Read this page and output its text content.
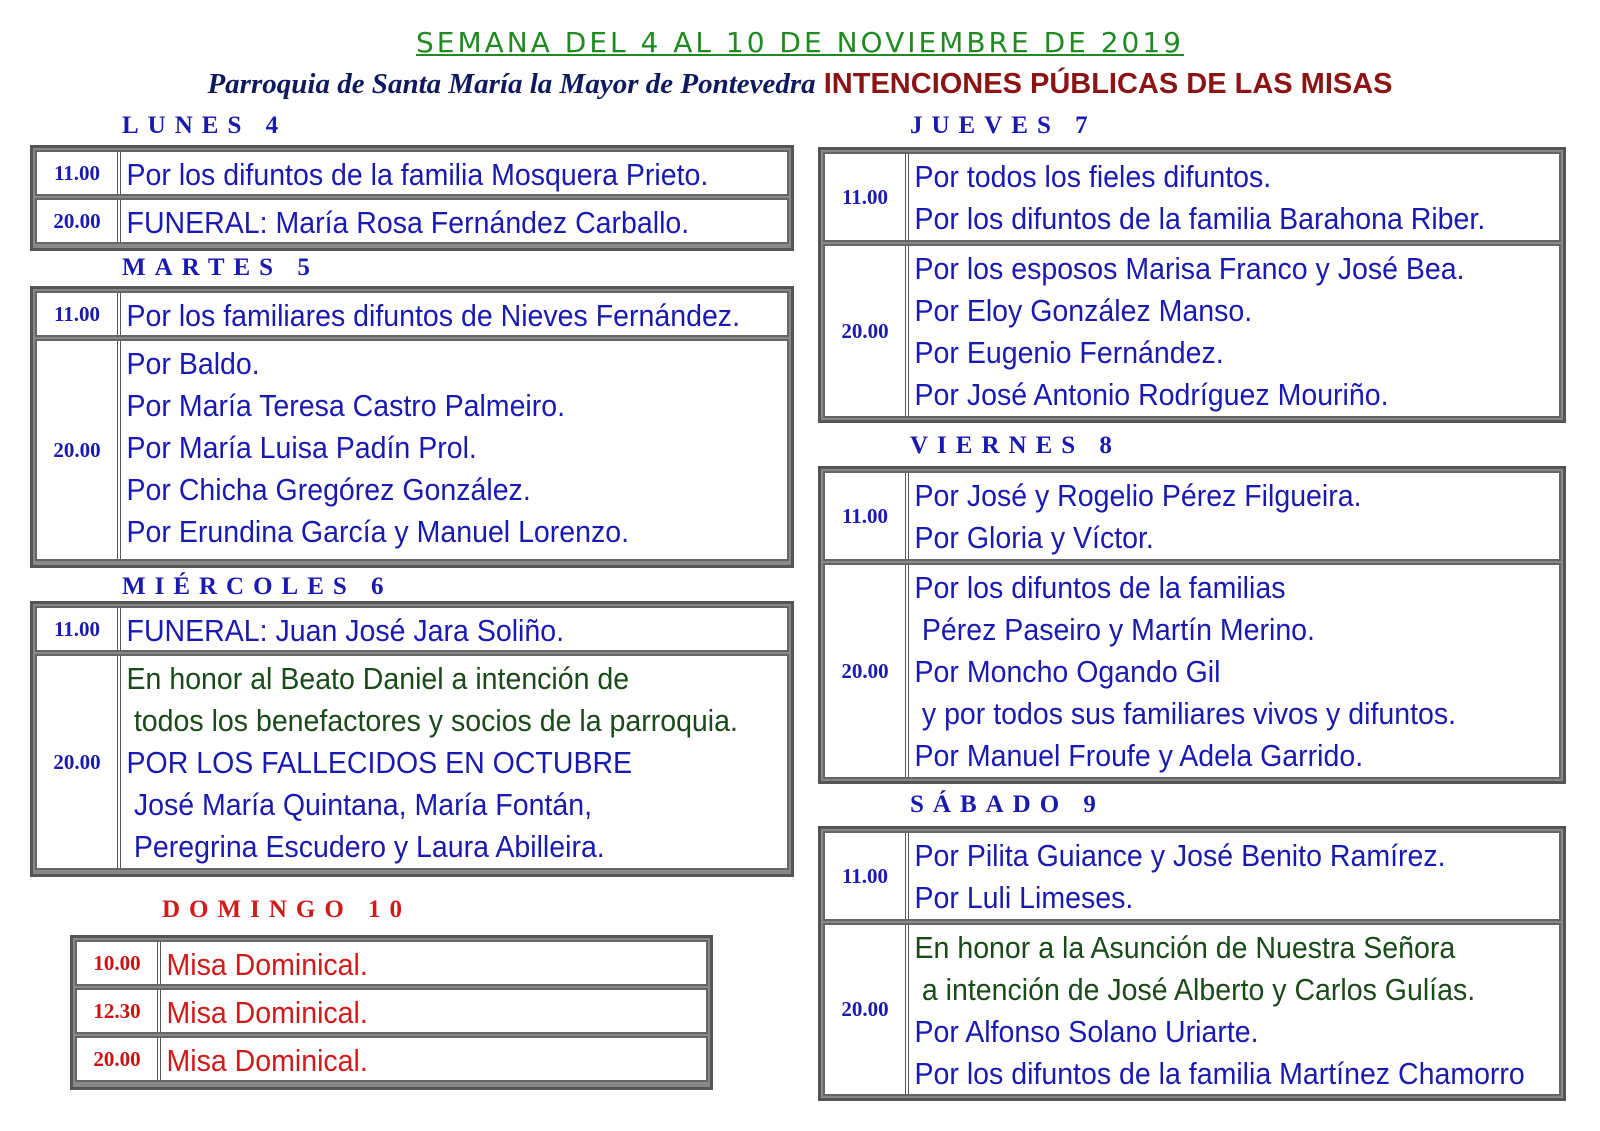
SEMANA DEL 4 AL 10 DE NOVIEMBRE DE 2019
Parroquia de Santa María la Mayor de Pontevedra INTENCIONES PÚBLICAS DE LAS MISAS
LUNES 4
11.00 Por los difuntos de la familia Mosquera Prieto.
20.00 FUNERAL: María Rosa Fernández Carballo.
MARTES 5
11.00 Por los familiares difuntos de Nieves Fernández.
20.00
Por Baldo.
Por María Teresa Castro Palmeiro.
Por María Luisa Padín Prol.
Por Chicha Gregórez González.
Por Erundina García y Manuel Lorenzo.
MIÉRCOLES 6
11.00 FUNERAL: Juan José Jara Soliño.
20.00
En honor al Beato Daniel a intención de
todos los benefactores y socios de la parroquia.
POR LOS FALLECIDOS EN OCTUBRE
José María Quintana, María Fontán,
Peregrina Escudero y Laura Abilleira.
DOMINGO 10
10.00 Misa Dominical.
12.30 Misa Dominical.
20.00 Misa Dominical.
JUEVES 7
11.00
Por todos los fieles difuntos.
Por los difuntos de la familia Barahona Riber.
20.00
Por los esposos Marisa Franco y José Bea.
Por Eloy González Manso.
Por Eugenio Fernández.
Por José Antonio Rodríguez Mouriño.
VIERNES 8
11.00
Por José y Rogelio Pérez Filgueira.
Por Gloria y Víctor.
20.00
Por los difuntos de la familias
Pérez Paseiro y Martín Merino.
Por Moncho Ogando Gil
y por todos sus familiares vivos y difuntos.
Por Manuel Froufe y Adela Garrido.
SÁBADO 9
11.00
Por Pilita Guiance y José Benito Ramírez.
Por Luli Limeses.
20.00
En honor a la Asunción de Nuestra Señora
a intención de José Alberto y Carlos Gulías.
Por Alfonso Solano Uriarte.
Por los difuntos de la familia Martínez Chamorro
